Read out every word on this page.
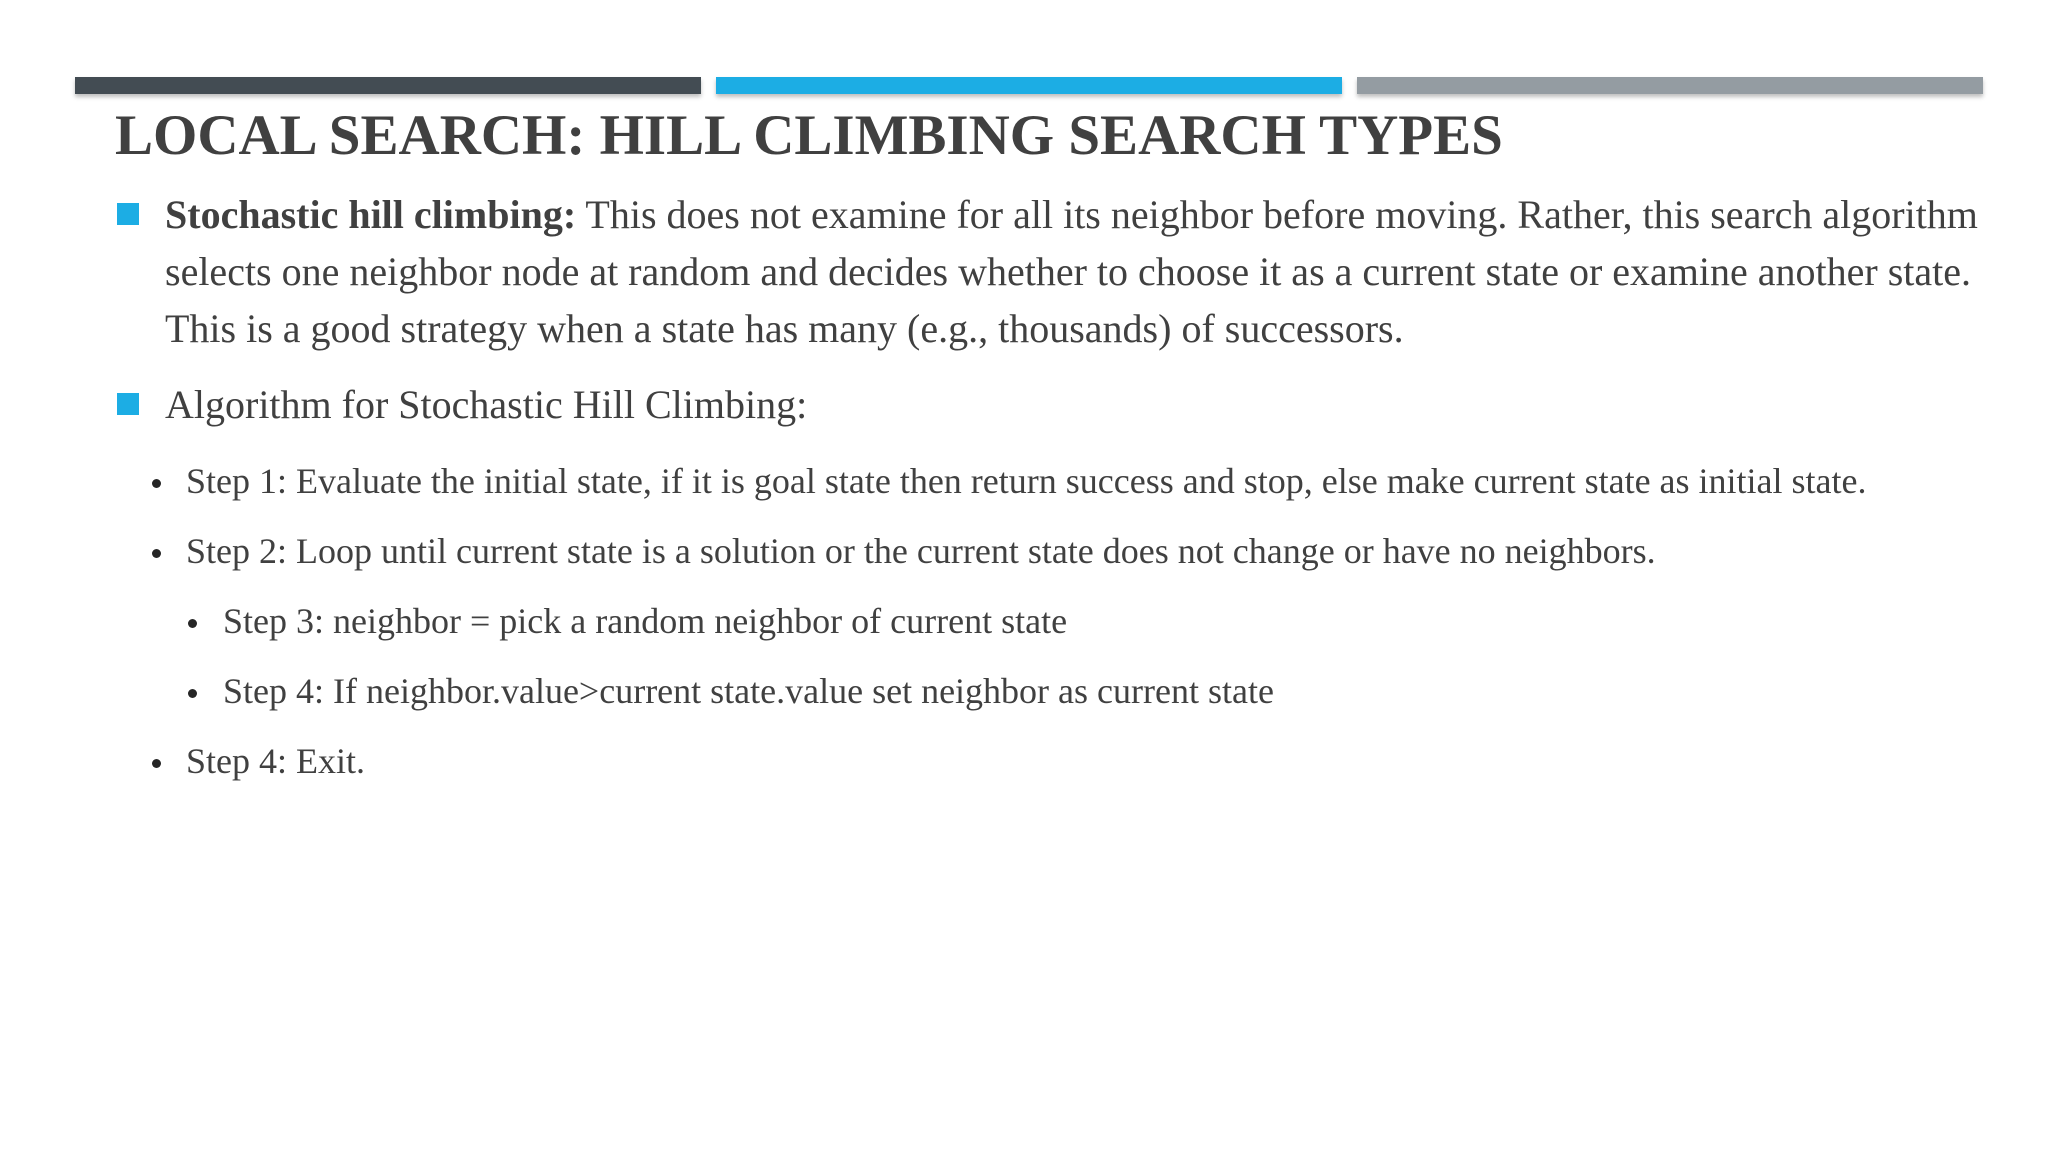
LOCAL SEARCH: HILL CLIMBING SEARCH TYPES
Stochastic hill climbing: This does not examine for all its neighbor before moving. Rather, this search algorithm selects one neighbor node at random and decides whether to choose it as a current state or examine another state. This is a good strategy when a state has many (e.g., thousands) of successors.
Algorithm for Stochastic Hill Climbing:
Step 1: Evaluate the initial state, if it is goal state then return success and stop, else make current state as initial state.
Step 2: Loop until current state is a solution or the current state does not change or have no neighbors.
Step 3: neighbor = pick a random neighbor of current state
Step 4: If neighbor.value>current state.value set neighbor as current state
Step 4: Exit.
